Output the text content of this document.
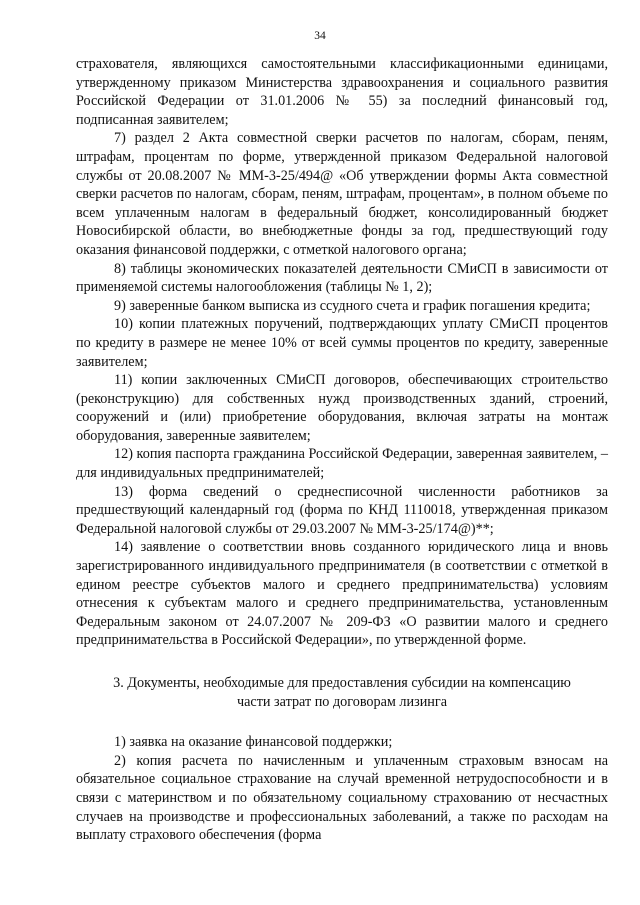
34

страхователя, являющихся самостоятельными классификационными единицами, утвержденному приказом Министерства здравоохранения и социального развития Российской Федерации от 31.01.2006 № 55) за последний финансовый год, подписанная заявителем;

7) раздел 2 Акта совместной сверки расчетов по налогам, сборам, пеням, штрафам, процентам по форме, утвержденной приказом Федеральной налоговой службы от 20.08.2007 № ММ-3-25/494@ «Об утверждении формы Акта совместной сверки расчетов по налогам, сборам, пеням, штрафам, процентам», в полном объеме по всем уплаченным налогам в федеральный бюджет, консолидированный бюджет Новосибирской области, во внебюджетные фонды за год, предшествующий году оказания финансовой поддержки, с отметкой налогового органа;

8) таблицы экономических показателей деятельности СМиСП в зависимости от применяемой системы налогообложения (таблицы № 1, 2);

9) заверенные банком выписка из ссудного счета и график погашения кредита;

10) копии платежных поручений, подтверждающих уплату СМиСП процентов по кредиту в размере не менее 10% от всей суммы процентов по кредиту, заверенные заявителем;

11) копии заключенных СМиСП договоров, обеспечивающих строительство (реконструкцию) для собственных нужд производственных зданий, строений, сооружений и (или) приобретение оборудования, включая затраты на монтаж оборудования, заверенные заявителем;

12) копия паспорта гражданина Российской Федерации, заверенная заявителем, – для индивидуальных предпринимателей;

13) форма сведений о среднесписочной численности работников за предшествующий календарный год (форма по КНД 1110018, утвержденная приказом Федеральной налоговой службы от 29.03.2007 № ММ-3-25/174@)**;

14) заявление о соответствии вновь созданного юридического лица и вновь зарегистрированного индивидуального предпринимателя (в соответствии с отметкой в едином реестре субъектов малого и среднего предпринимательства) условиям отнесения к субъектам малого и среднего предпринимательства, установленным Федеральным законом от 24.07.2007 № 209-ФЗ «О развитии малого и среднего предпринимательства в Российской Федерации», по утвержденной форме.

3. Документы, необходимые для предоставления субсидии на компенсацию
части затрат по договорам лизинга

1) заявка на оказание финансовой поддержки;

2) копия расчета по начисленным и уплаченным страховым взносам на обязательное социальное страхование на случай временной нетрудоспособности и в связи с материнством и по обязательному социальному страхованию от несчастных случаев на производстве и профессиональных заболеваний, а также по расходам на выплату страхового обеспечения (форма
